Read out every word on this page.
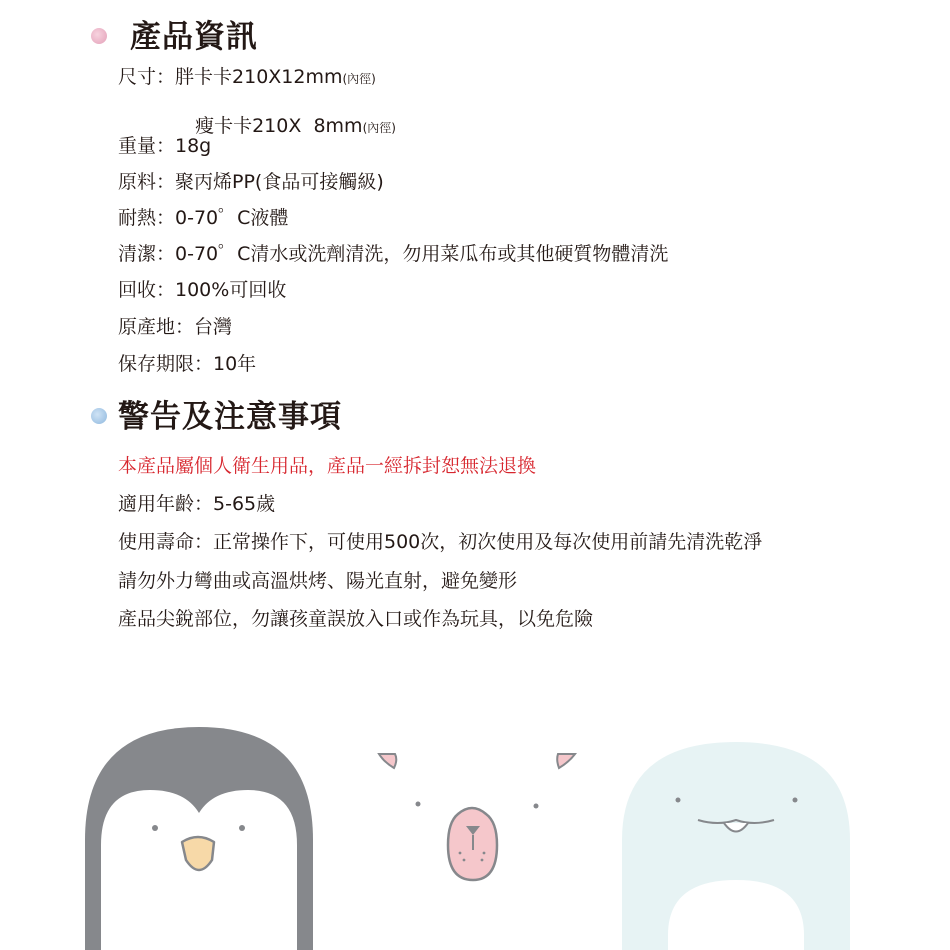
產品資訊
尺寸：胖卡卡210X12mm(內徑)

瘦卡卡210X  8mm(內徑)

重量：18g
原料：聚丙烯PP(食品可接觸級)
耐熱：0-70゜C液體
清潔：0-70゜C清水或洗劑清洗，勿用菜瓜布或其他硬質物體清洗
回收：100%可回收
原產地：台灣
保存期限：10年
警告及注意事項
本產品屬個人衛生用品，產品一經拆封恕無法退換
適用年齡：5-65歲
使用壽命：正常操作下，可使用500次，初次使用及每次使用前請先清洗乾淨
請勿外力彎曲或高溫烘烤、陽光直射，避免變形
產品尖銳部位，勿讓孩童誤放入口或作為玩具，以免危險
